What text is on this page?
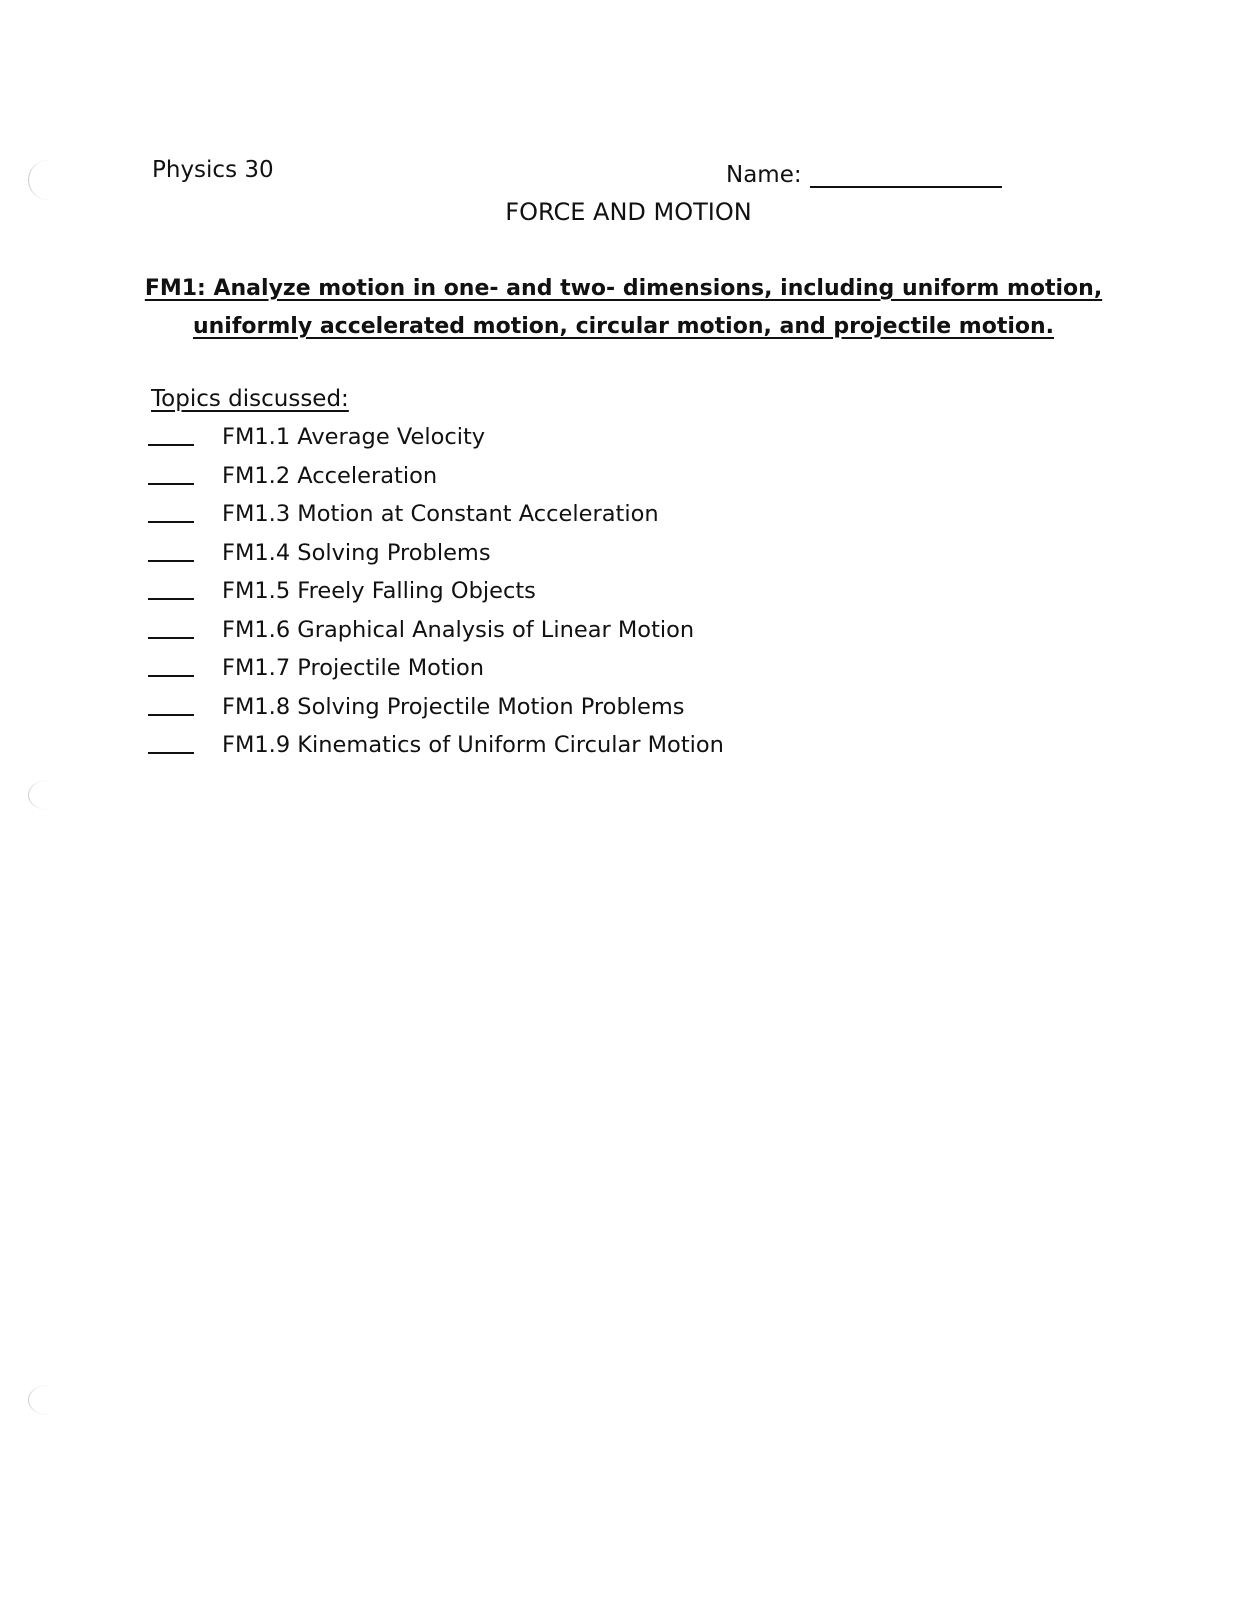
Physics 30	Name:
FORCE AND MOTION
FM1: Analyze motion in one- and two- dimensions, including uniform motion,
uniformly accelerated motion, circular motion, and projectile motion.
Topics discussed:
FM1.1 Average Velocity
FM1.2 Acceleration
FM1.3 Motion at Constant Acceleration
FM1.4 Solving Problems
FM1.5 Freely Falling Objects
FM1.6 Graphical Analysis of Linear Motion
FM1.7 Projectile Motion
FM1.8 Solving Projectile Motion Problems
FM1.9 Kinematics of Uniform Circular Motion
